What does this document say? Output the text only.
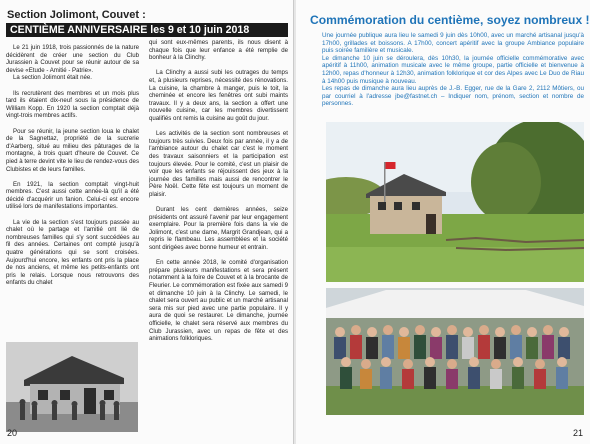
Section Jolimont, Couvet :
CENTIÈME ANNIVERSAIRE les 9 et 10 juin 2018

Le 21 juin 1918, trois passionnés de la nature décidèrent de créer une section du Club Jurassien à Couvet pour se réunir autour de sa devise «Etude - Amitié - Patrie».

La section Jolimont était née.

Ils recrutèrent des membres et un mois plus tard ils étaient dix-neuf sous la présidence de William Kopp. En 1920 la section comptait déjà vingt-trois membres actifs.

Pour se réunir, la jeune section loua le chalet de la Sagnettaz, propriété de la sucrerie d'Aarberg, situé au milieu des pâturages de la montagne, à trois quart d'heure de Couvet. Ce pied à terre devint vite le lieu de rendez-vous des Clubistes et de leurs familles.

En 1921, la section comptait vingt-huit membres. C'est aussi cette année-là qu'il a été décidé d'acquérir un fanion. Celui-ci est encore utilisé lors de manifestations importantes.

La vie de la section s'est toujours passée au chalet où le partage et l'amitié ont lié de nombreuses familles qui s'y sont succédées au fil des années. Certaines ont compté jusqu'à quatre générations qui se sont croisées. Aujourd'hui encore, les enfants ont pris la place de nos anciens, et même les petits-enfants ont pris le relais. Lorsque nous retrouvons des enfants du chalet

qui sont eux-mêmes parents, ils nous disent à chaque fois que leur enfance a été remplie de bonheur à la Clinchy.

La Clinchy a aussi subi les outrages du temps et, à plusieurs reprises, nécessité des rénovations. La cuisine, la chambre à manger, puis le toit, la cheminée et encore les fenêtres ont subi maints travaux. Il y a deux ans, la section a offert une nouvelle cuisine, car les membres divertissent qualifiés ont remis la cuisine au goût du jour.

Les activités de la section sont nombreuses et toujours très suivies. Deux fois par année, il y a de l'ambiance autour du chalet car c'est le moment des travaux saisonniers et la participation est toujours élevée. Pour le comité, c'est un plaisir de voir que les enfants se réjouissent des jeux à la journée des familles mais aussi de rencontrer le Père Noël. Cette fête est toujours un moment de plaisir.

Durant les cent dernières années, seize présidents ont assuré l'avenir par leur engagement exemplaire. Pour la première fois dans la vie de Jolimont, c'est une dame, Margrit Grandjean, qui a repris le flambeau. Les assemblées et la société sont dirigées avec bonne humeur et entrain.

En cette année 2018, le comité d'organisation prépare plusieurs manifestations et sera présent notamment à la foire de Couvet et à la brocante de Fleurier. Le commémoration est fixée aux samedi 9 et dimanche 10 juin à la Clinchy. Le samedi, le chalet sera ouvert au public et un marché artisanal sera mis sur pied avec une partie populaire. Il y aura de quoi se restaurer. Le dimanche, journée officielle, le chalet sera réservé aux membres du Club Jurassien, avec un repas de fête et des animations folkloriques.

20
Commémoration du centième, soyez nombreux !

Une journée publique aura lieu le samedi 9 juin dès 10h00, avec un marché artisanal jusqu'à 17h00, grillades et boissons. A 17h00, concert apéritif avec la groupe Ambiance populaire puis soirée familière et musicale.

Le dimanche 10 juin se déroulera, dès 10h30, la journée officielle commémorative avec apéritif à 11h00, animation musicale avec le même groupe, partie officielle et bienvenue à 12h00, repas d'honneur à 12h30, animation folklorique et cor des Alpes avec Le Duo de Riau à 14h00 puis musique à nouveau.

Les repas de dimanche aura lieu auprès de J.-B. Egger, rue de la Gare 2, 2112 Môtiers, ou par courriel à l'adresse jbe@fastnet.ch – Indiquer nom, prénom, section et nombre de personnes.

21
